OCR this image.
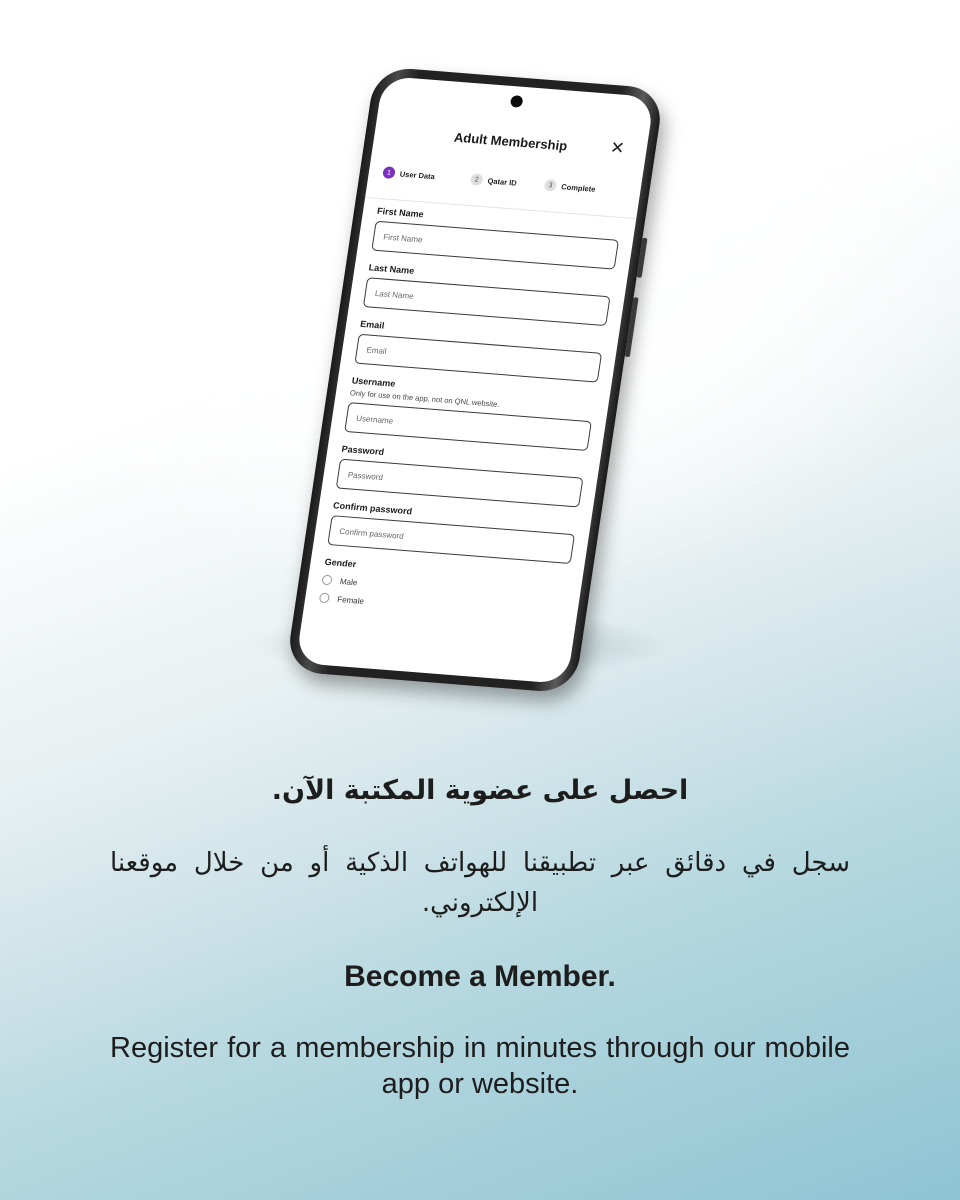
Adult Membership	✕
1	User Data	2	Qatar ID	3	Complete
First Name
First Name
Last Name
Last Name
Email
Email
Username
Only for use on the app, not on QNL website.
Username
Password
Password
Confirm password
Confirm password
Gender
Male
Female
احصل على عضوية المكتبة الآن.
سجل في دقائق عبر تطبيقنا للهواتف الذكية أو من خلال موقعنا الإلكتروني.
Become a Member.
Register for a membership in minutes through our mobile app or website.
